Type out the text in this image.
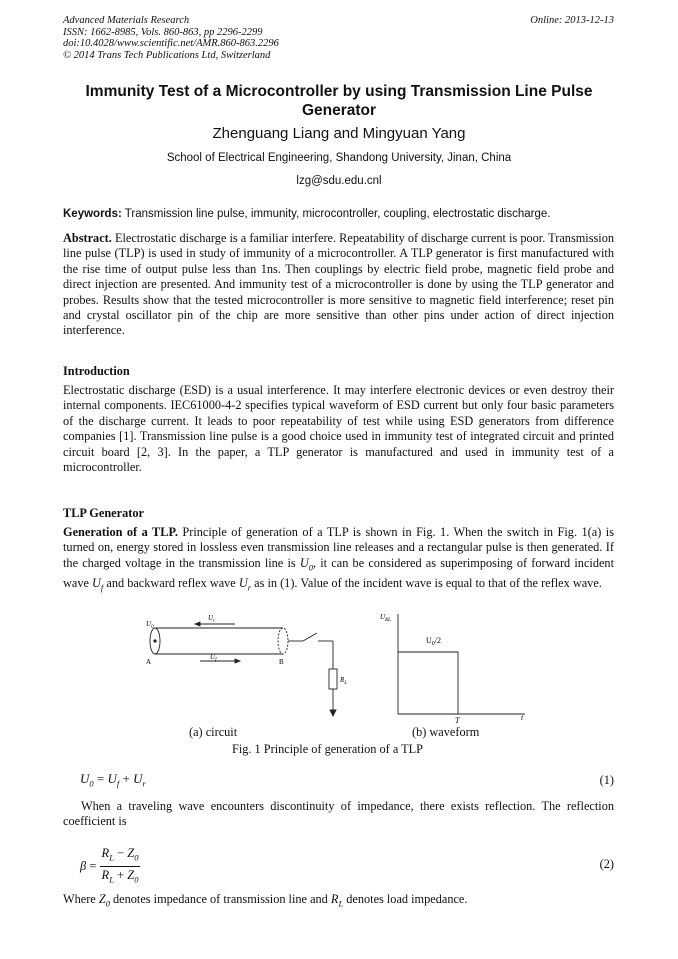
Advanced Materials Research
ISSN: 1662-8985, Vols. 860-863, pp 2296-2299
doi:10.4028/www.scientific.net/AMR.860-863.2296
© 2014 Trans Tech Publications Ltd, Switzerland
Online: 2013-12-13
Immunity Test of a Microcontroller by using Transmission Line Pulse Generator
Zhenguang Liang and Mingyuan Yang
School of Electrical Engineering, Shandong University, Jinan, China
lzg@sdu.edu.cnl
Keywords: Transmission line pulse, immunity, microcontroller, coupling, electrostatic discharge.
Abstract. Electrostatic discharge is a familiar interfere. Repeatability of discharge current is poor. Transmission line pulse (TLP) is used in study of immunity of a microcontroller. A TLP generator is first manufactured with the rise time of output pulse less than 1ns. Then couplings by electric field probe, magnetic field probe and direct injection are presented. And immunity test of a microcontroller is done by using the TLP generator and probes. Results show that the tested microcontroller is more sensitive to magnetic field interference; reset pin and crystal oscillator pin of the chip are more sensitive than other pins under action of direct injection interference.
Introduction
Electrostatic discharge (ESD) is a usual interference. It may interfere electronic devices or even destroy their internal components. IEC61000-4-2 specifies typical waveform of ESD current but only four basic parameters of the discharge current. It leads to poor repeatability of test while using ESD generators from difference companies [1]. Transmission line pulse is a good choice used in immunity test of integrated circuit and printed circuit board [2, 3]. In the paper, a TLP generator is manufactured and used in immunity test of a microcontroller.
TLP Generator
Generation of a TLP. Principle of generation of a TLP is shown in Fig. 1. When the switch in Fig. 1(a) is turned on, energy stored in lossless even transmission line releases and a rectangular pulse is then generated. If the charged voltage in the transmission line is $U_0$, it can be considered as superimposing of forward incident wave $U_f$ and backward reflex wave $U_r$ as in (1). Value of the incident wave is equal to that of the reflex wave.
$U_0$
$U_r$
$U_f$
A	B
$R_L$
$U_{RL}$
$U_0/2$
T	t
(a) circuit	(b) waveform
Fig. 1 Principle of generation of a TLP
$U_0 = U_f + U_r$	(1)
When a traveling wave encounters discontinuity of impedance, there exists reflection. The reflection coefficient is
$\beta = \frac{R_L - Z_0}{R_L + Z_0}$	(2)
Where $Z_0$ denotes impedance of transmission line and $R_L$ denotes load impedance.
